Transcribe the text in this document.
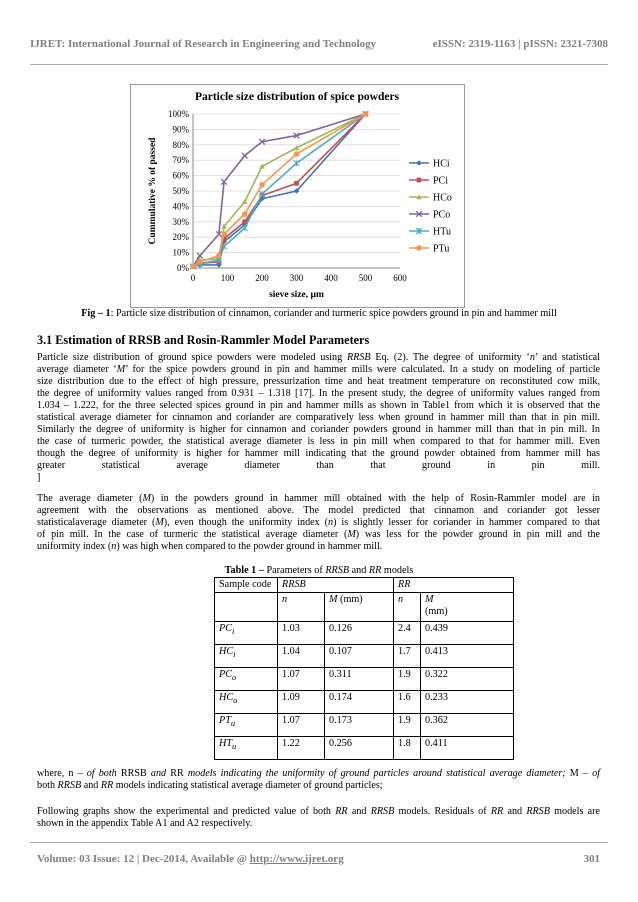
IJRET: International Journal of Research in Engineering and Technology	eISSN: 2319-1163 | pISSN: 2321-7308
Particle size distribution of spice powders
0%
10%
20%
30%
40%
50%
60%
70%
80%
90%
100%
0	100 200 300 400 500 600
sieve size, µm
Cummulative % of passed	HCi
PCi
HCo
PCo
HTu
PTu
Fig – 1: Particle size distribution of cinnamon, coriander and turmeric spice powders ground in pin and hammer mill
3.1 Estimation of RRSB and Rosin-Rammler Model Parameters
Particle size distribution of ground spice powders were modeled using RRSB Eq. (2). The degree of uniformity ‘n’ and statistical
average diameter ‘M’ for the spice powders ground in pin and hammer mills were calculated. In a study on modeling of particle
size distribution due to the effect of high pressure, pressurization time and heat treatment temperature on reconstituted cow milk,
the degree of uniformity values ranged from 0.931 – 1.318 [17]. In the present study, the degree of uniformity values ranged from
1.034 – 1.222, for the three selected spices ground in pin and hammer mills as shown in Table1 from which it is observed that the
statistical average diameter for cinnamon and coriander are comparatively less when ground in hammer mill than that in pin mill.
Similarly the degree of uniformity is higher for cinnamon and coriander powders ground in hammer mill than that in pin mill. In
the case of turmeric powder, the statistical average diameter is less in pin mill when compared to that for hammer mill. Even
though the degree of uniformity is higher for hammer mill indicating that the ground powder obtained from hammer mill has
greater statistical average diameter than that ground in pin mill.
]
The average diameter (M) in the powders ground in hammer mill obtained with the help of Rosin-Rammler model are in
agreement with the observations as mentioned above. The model predicted that cinnamon and coriander got lesser
statisticalaverage diameter (M), even though the uniformity index (n) is slightly lesser for coriander in hammer compared to that
of pin mill. In the case of turmeric the statistical average diameter (M) was less for the powder ground in pin mill and the
uniformity index (n) was high when compared to the powder ground in hammer mill.
Table 1 – Parameters of RRSB and RR models
Sample code	RRSB		RR	
	n	M (mm)	n	M
(mm)
$PC_i$	1.03	0.126	2.4	0.439
$HC_i$	1.04	0.107	1.7	0.413
$PC_o$	1.07	0.311	1.9	0.322
$HC_o$	1.09	0.174	1.6	0.233
$PT_u$	1.07	0.173	1.9	0.362
$HT_u$	1.22	0.256	1.8	0.411
where, n – of both RRSB and RR models indicating the uniformity of ground particles around statistical average diameter; M – of
both RRSB and RR models indicating statistical average diameter of ground particles;
Following graphs show the experimental and predicted value of both RR and RRSB models. Residuals of RR and RRSB models are
shown in the appendix Table A1 and A2 respectively.
Volume: 03 Issue: 12 | Dec-2014, Available @ http://www.ijret.org	301
